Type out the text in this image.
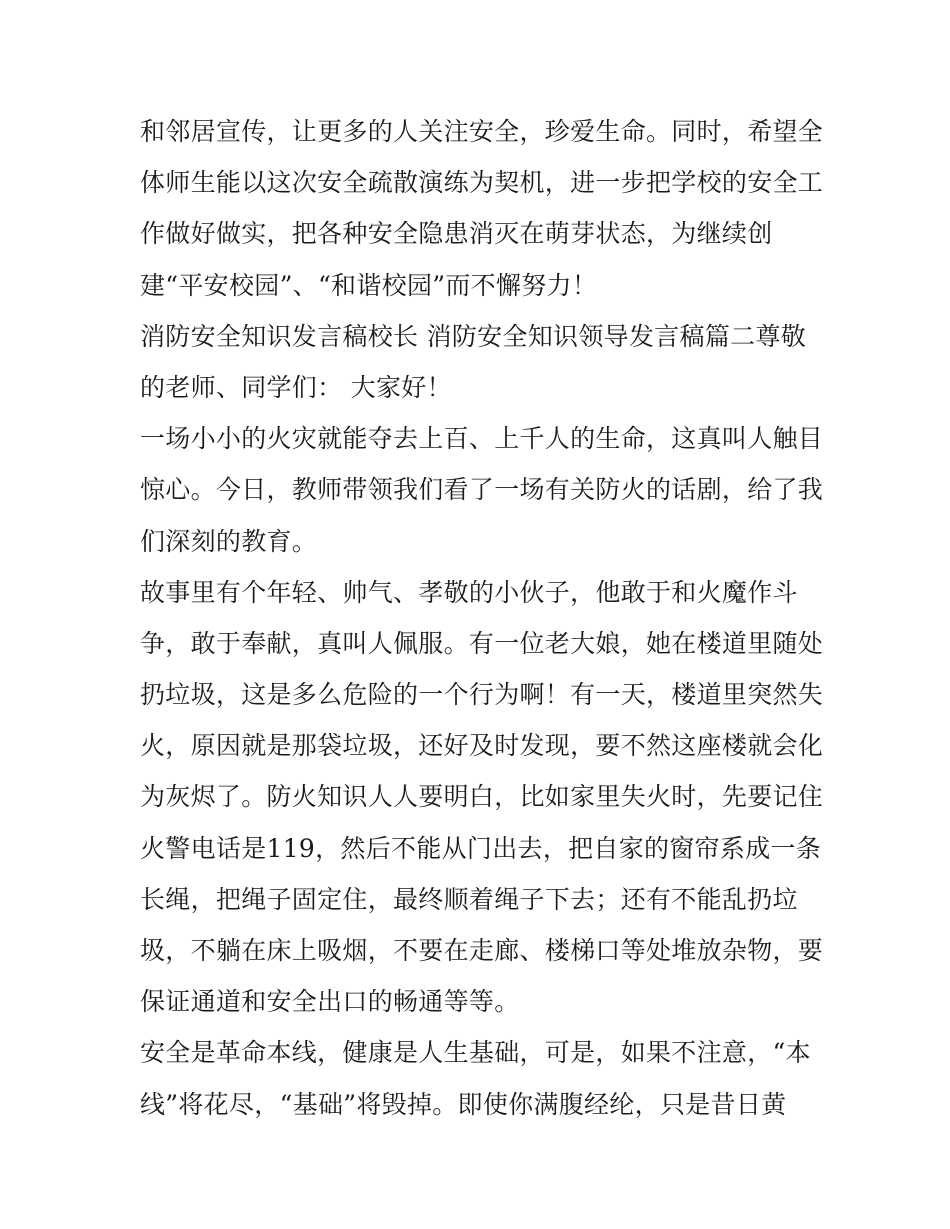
和邻居宣传，让更多的人关注安全，珍爱生命。同时，希望全
体师生能以这次安全疏散演练为契机，进一步把学校的安全工
作做好做实，把各种安全隐患消灭在萌芽状态，为继续创
建“平安校园”、“和谐校园”而不懈努力！
消防安全知识发言稿校长 消防安全知识领导发言稿篇二尊敬
的老师、同学们： 大家好！
一场小小的火灾就能夺去上百、上千人的生命，这真叫人触目
惊心。今日，教师带领我们看了一场有关防火的话剧，给了我
们深刻的教育。
故事里有个年轻、帅气、孝敬的小伙子，他敢于和火魔作斗
争，敢于奉献，真叫人佩服。有一位老大娘，她在楼道里随处
扔垃圾，这是多么危险的一个行为啊！有一天，楼道里突然失
火，原因就是那袋垃圾，还好及时发现，要不然这座楼就会化
为灰烬了。防火知识人人要明白，比如家里失火时，先要记住
火警电话是119，然后不能从门出去，把自家的窗帘系成一条
长绳，把绳子固定住，最终顺着绳子下去；还有不能乱扔垃
圾，不躺在床上吸烟，不要在走廊、楼梯口等处堆放杂物，要
保证通道和安全出口的畅通等等。
安全是革命本线，健康是人生基础，可是，如果不注意，“本
线”将花尽，“基础”将毁掉。即使你满腹经纶，只是昔日黄
